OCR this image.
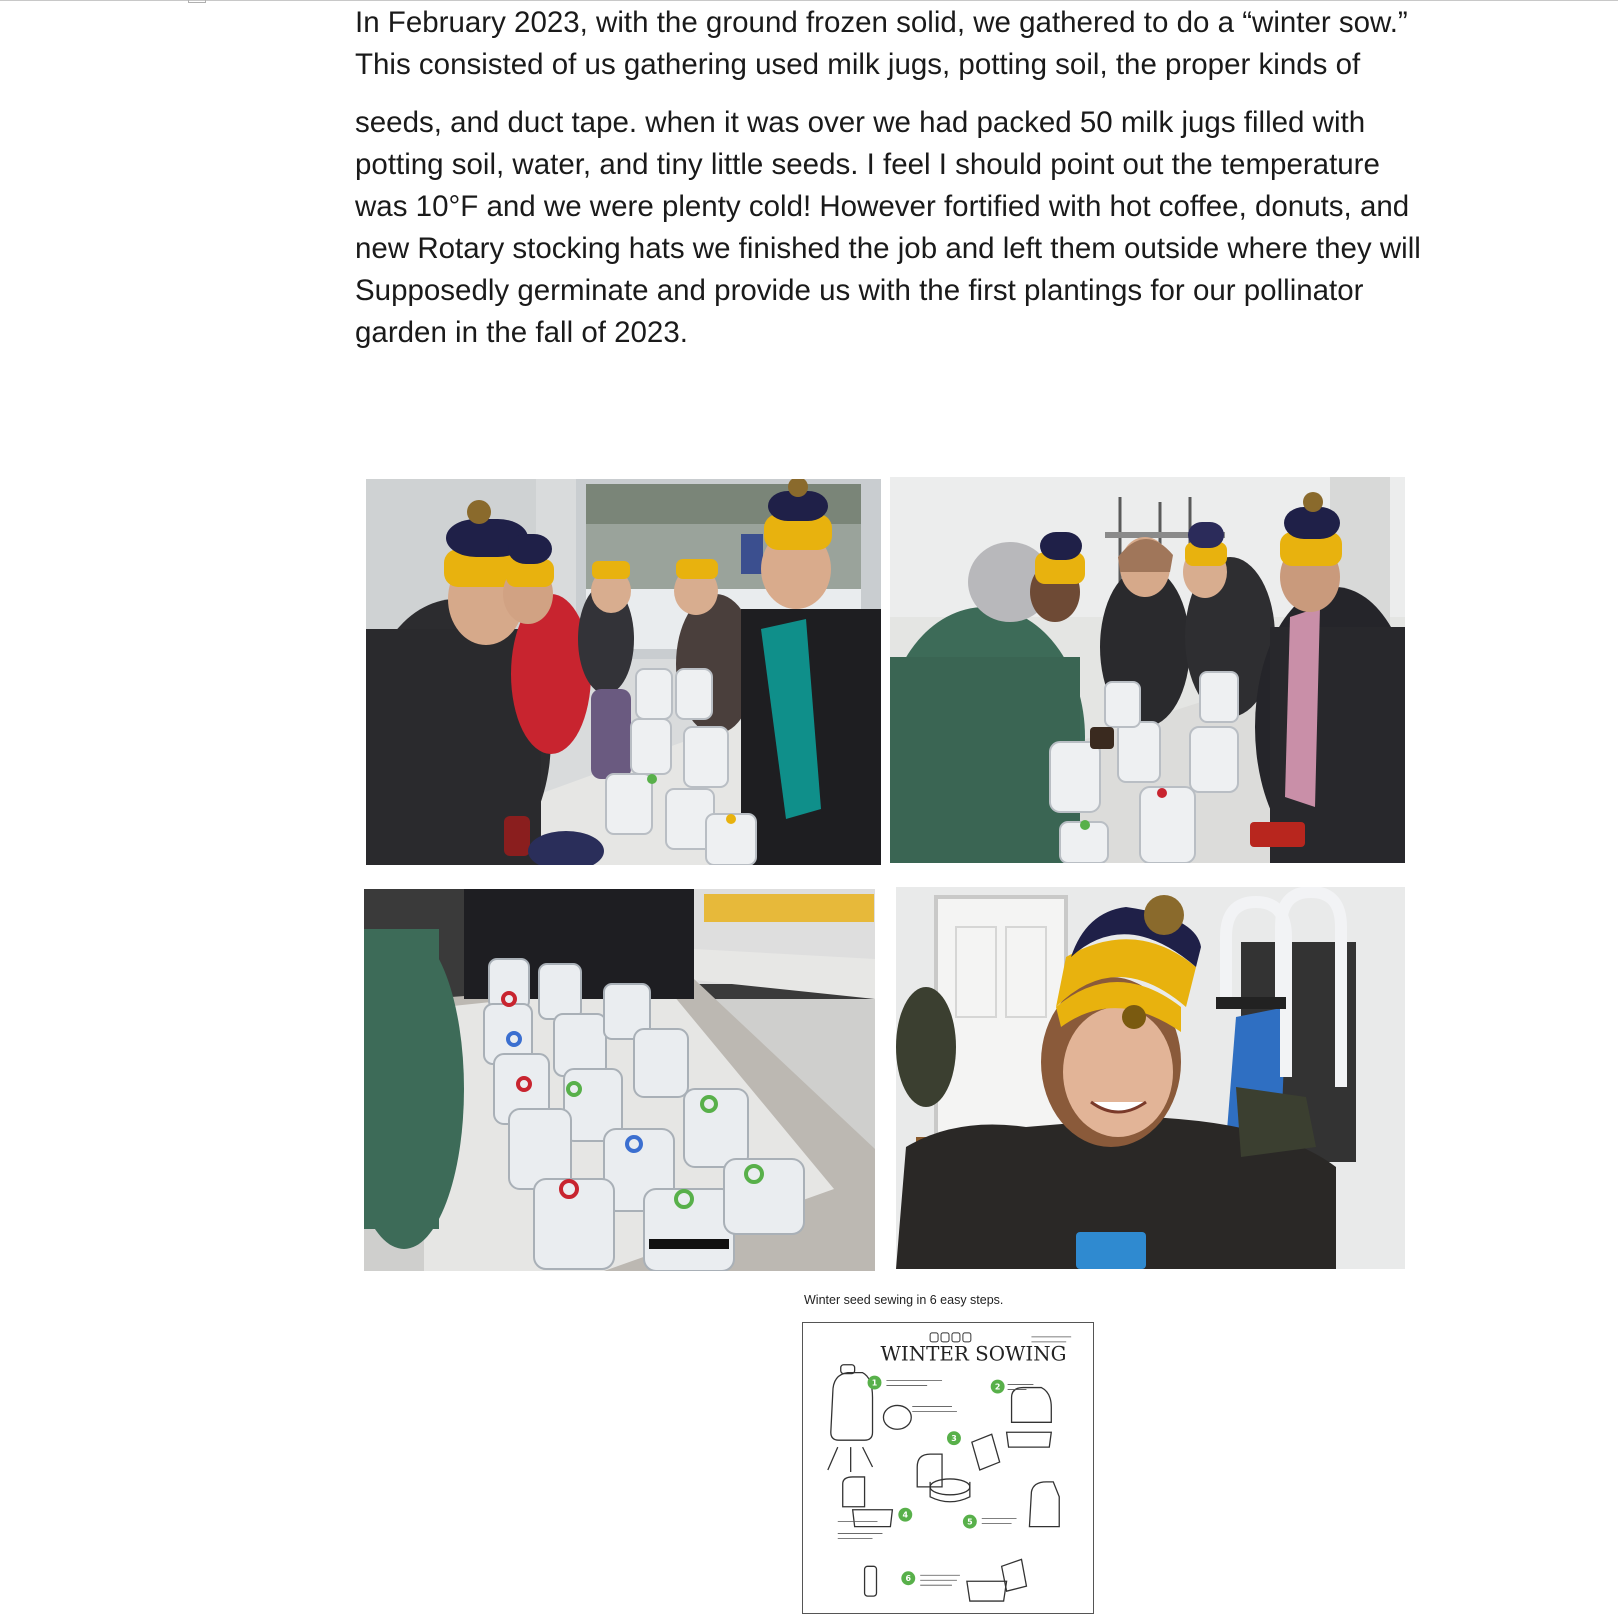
In February 2023, with the ground frozen solid, we gathered to do a “winter sow.”

This consisted of us gathering used milk jugs, potting soil, the proper kinds of

seeds, and duct tape. when it was over we had packed 50 milk jugs filled with

potting soil, water, and tiny little seeds. I feel I should point out the temperature

was 10°F and we were plenty cold! However fortified with hot coffee, donuts, and

new Rotary stocking hats we finished the job and left them outside where they will

Supposedly germinate and provide us with the first plantings for our pollinator

garden in the fall of 2023.

Winter seed sewing in 6 easy steps.
WINTER SOWING
1	2
3
4
5
6
